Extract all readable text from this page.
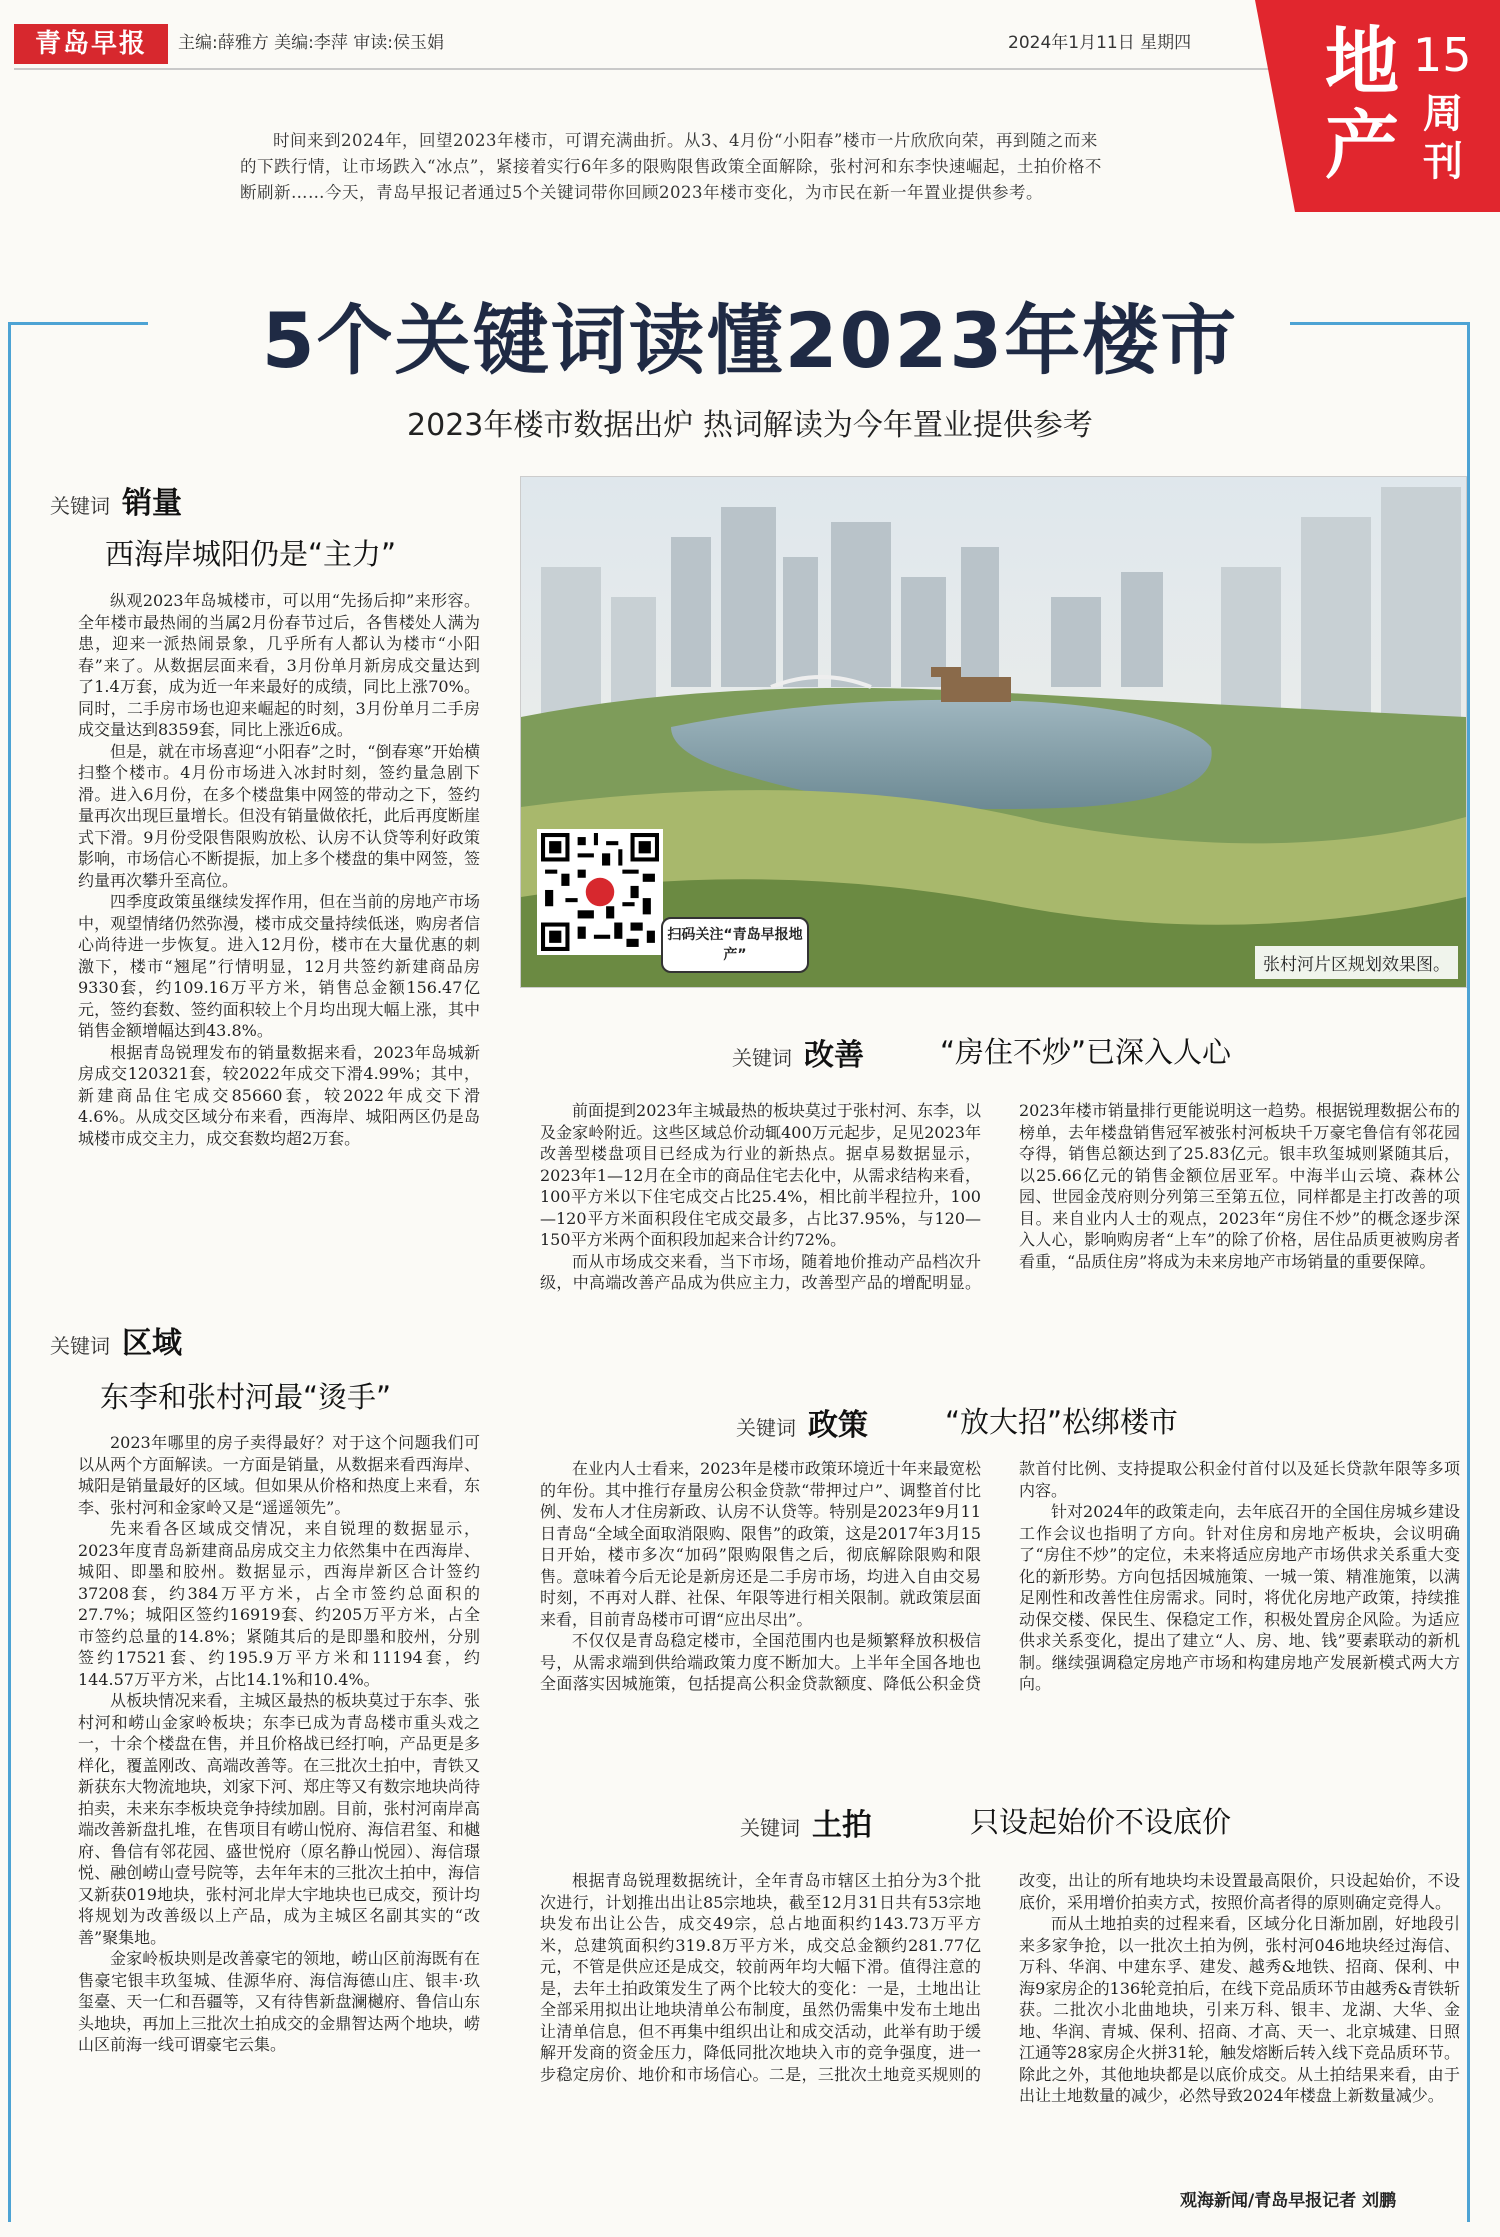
青岛早报	主编:薛雅方 美编:李萍 审读:侯玉娟	2024年1月11日 星期四 地产
15
周刊
时间来到2024年，回望2023年楼市，可谓充满曲折。从3、4月份“小阳春”楼市一片欣欣向荣，再到随之而来的下跌行情，让市场跌入“冰点”，紧接着实行6年多的限购限售政策全面解除，张村河和东李快速崛起，土拍价格不断刷新……今天，青岛早报记者通过5个关键词带你回顾2023年楼市变化，为市民在新一年置业提供参考。
5个关键词读懂2023年楼市
2023年楼市数据出炉 热词解读为今年置业提供参考
关键词 销量
西海岸城阳仍是“主力”

纵观2023年岛城楼市，可以用“先扬后抑”来形容。全年楼市最热闹的当属2月份春节过后，各售楼处人满为患，迎来一派热闹景象，几乎所有人都认为楼市“小阳春”来了。从数据层面来看，3月份单月新房成交量达到了1.4万套，成为近一年来最好的成绩，同比上涨70%。同时，二手房市场也迎来崛起的时刻，3月份单月二手房成交量达到8359套，同比上涨近6成。

但是，就在市场喜迎“小阳春”之时，“倒春寒”开始横扫整个楼市。4月份市场进入冰封时刻，签约量急剧下滑。进入6月份，在多个楼盘集中网签的带动之下，签约量再次出现巨量增长。但没有销量做依托，此后再度断崖式下滑。9月份受限售限购放松、认房不认贷等利好政策影响，市场信心不断提振，加上多个楼盘的集中网签，签约量再次攀升至高位。

四季度政策虽继续发挥作用，但在当前的房地产市场中，观望情绪仍然弥漫，楼市成交量持续低迷，购房者信心尚待进一步恢复。进入12月份，楼市在大量优惠的刺激下，楼市“翘尾”行情明显，12月共签约新建商品房9330套，约109.16万平方米，销售总金额156.47亿元，签约套数、签约面积较上个月均出现大幅上涨，其中销售金额增幅达到43.8%。

根据青岛锐理发布的销量数据来看，2023年岛城新房成交120321套，较2022年成交下滑4.99%；其中，新建商品住宅成交85660套，较2022年成交下滑4.6%。从成交区域分布来看，西海岸、城阳两区仍是岛城楼市成交主力，成交套数均超2万套。

关键词 区域
东李和张村河最“烫手”

2023年哪里的房子卖得最好？对于这个问题我们可以从两个方面解读。一方面是销量，从数据来看西海岸、城阳是销量最好的区域。但如果从价格和热度上来看，东李、张村河和金家岭又是“遥遥领先”。

先来看各区域成交情况，来自锐理的数据显示，2023年度青岛新建商品房成交主力依然集中在西海岸、城阳、即墨和胶州。数据显示，西海岸新区合计签约37208套，约384万平方米，占全市签约总面积的27.7%；城阳区签约16919套、约205万平方米，占全市签约总量的14.8%；紧随其后的是即墨和胶州，分别签约17521套、约195.9万平方米和11194套，约144.57万平方米，占比14.1%和10.4%。

从板块情况来看，主城区最热的板块莫过于东李、张村河和崂山金家岭板块；东李已成为青岛楼市重头戏之一，十余个楼盘在售，并且价格战已经打响，产品更是多样化，覆盖刚改、高端改善等。在三批次土拍中，青铁又新获东大物流地块，刘家下河、郑庄等又有数宗地块尚待拍卖，未来东李板块竞争持续加剧。目前，张村河南岸高端改善新盘扎堆，在售项目有崂山悦府、海信君玺、和樾府、鲁信有邻花园、盛世悦府（原名静山悦园）、海信璟悦、融创崂山壹号院等，去年年末的三批次土拍中，海信又新获019地块，张村河北岸大宇地块也已成交，预计均将规划为改善级以上产品，成为主城区名副其实的“改善”聚集地。

金家岭板块则是改善豪宅的领地，崂山区前海既有在售豪宅银丰玖玺城、佳源华府、海信海德山庄、银丰·玖玺臺、天一仁和吾疆等，又有待售新盘澜樾府、鲁信山东头地块，再加上三批次土拍成交的金鼎智达两个地块，崂山区前海一线可谓豪宅云集。

扫码关注“青岛早报地产”	张村河片区规划效果图。
关键词 改善	“房住不炒”已深入人心

前面提到2023年主城最热的板块莫过于张村河、东李，以及金家岭附近。这些区域总价动辄400万元起步，足见2023年改善型楼盘项目已经成为行业的新热点。据卓易数据显示，2023年1—12月在全市的商品住宅去化中，从需求结构来看，100平方米以下住宅成交占比25.4%，相比前半程拉升，100—120平方米面积段住宅成交最多，占比37.95%，与120—150平方米两个面积段加起来合计约72%。

而从市场成交来看，当下市场，随着地价推动产品档次升级，中高端改善产品成为供应主力，改善型产品的增配明显。2023年楼市销量排行更能说明这一趋势。根据锐理数据公布的榜单，去年楼盘销售冠军被张村河板块千万豪宅鲁信有邻花园夺得，销售总额达到了25.83亿元。银丰玖玺城则紧随其后，以25.66亿元的销售金额位居亚军。中海半山云境、森林公园、世园金茂府则分列第三至第五位，同样都是主打改善的项目。来自业内人士的观点，2023年“房住不炒”的概念逐步深入人心，影响购房者“上车”的除了价格，居住品质更被购房者看重，“品质住房”将成为未来房地产市场销量的重要保障。

关键词 政策	“放大招”松绑楼市

在业内人士看来，2023年是楼市政策环境近十年来最宽松的年份。其中推行存量房公积金贷款“带押过户”、调整首付比例、发布人才住房新政、认房不认贷等。特别是2023年9月11日青岛“全域全面取消限购、限售”的政策，这是2017年3月15日开始，楼市多次“加码”限购限售之后，彻底解除限购和限售。意味着今后无论是新房还是二手房市场，均进入自由交易时刻，不再对人群、社保、年限等进行相关限制。就政策层面来看，目前青岛楼市可谓“应出尽出”。

不仅仅是青岛稳定楼市，全国范围内也是频繁释放积极信号，从需求端到供给端政策力度不断加大。上半年全国各地也全面落实因城施策，包括提高公积金贷款额度、降低公积金贷款首付比例、支持提取公积金付首付以及延长贷款年限等多项内容。

针对2024年的政策走向，去年底召开的全国住房城乡建设工作会议也指明了方向。针对住房和房地产板块，会议明确了“房住不炒”的定位，未来将适应房地产市场供求关系重大变化的新形势。方向包括因城施策、一城一策、精准施策，以满足刚性和改善性住房需求。同时，将优化房地产政策，持续推动保交楼、保民生、保稳定工作，积极处置房企风险。为适应供求关系变化，提出了建立“人、房、地、钱”要素联动的新机制。继续强调稳定房地产市场和构建房地产发展新模式两大方向。

关键词 土拍	只设起始价不设底价

根据青岛锐理数据统计，全年青岛市辖区土拍分为3个批次进行，计划推出出让85宗地块，截至12月31日共有53宗地块发布出让公告，成交49宗，总占地面积约143.73万平方米，总建筑面积约319.8万平方米，成交总金额约281.77亿元，不管是供应还是成交，较前两年均大幅下滑。值得注意的是，去年土拍政策发生了两个比较大的变化：一是，土地出让全部采用拟出让地块清单公布制度，虽然仍需集中发布土地出让清单信息，但不再集中组织出让和成交活动，此举有助于缓解开发商的资金压力，降低同批次地块入市的竞争强度，进一步稳定房价、地价和市场信心。二是，三批次土地竞买规则的改变，出让的所有地块均未设置最高限价，只设起始价，不设底价，采用增价拍卖方式，按照价高者得的原则确定竞得人。

而从土地拍卖的过程来看，区域分化日渐加剧，好地段引来多家争抢，以一批次土拍为例，张村河046地块经过海信、万科、华润、中建东孚、建发、越秀&地铁、招商、保利、中海9家房企的136轮竞拍后，在线下竞品质环节由越秀&青铁斩获。二批次小北曲地块，引来万科、银丰、龙湖、大华、金地、华润、青城、保利、招商、才高、天一、北京城建、日照江通等28家房企火拼31轮，触发熔断后转入线下竞品质环节。除此之外，其他地块都是以底价成交。从土拍结果来看，由于出让土地数量的减少，必然导致2024年楼盘上新数量减少。

观海新闻/青岛早报记者 刘鹏
